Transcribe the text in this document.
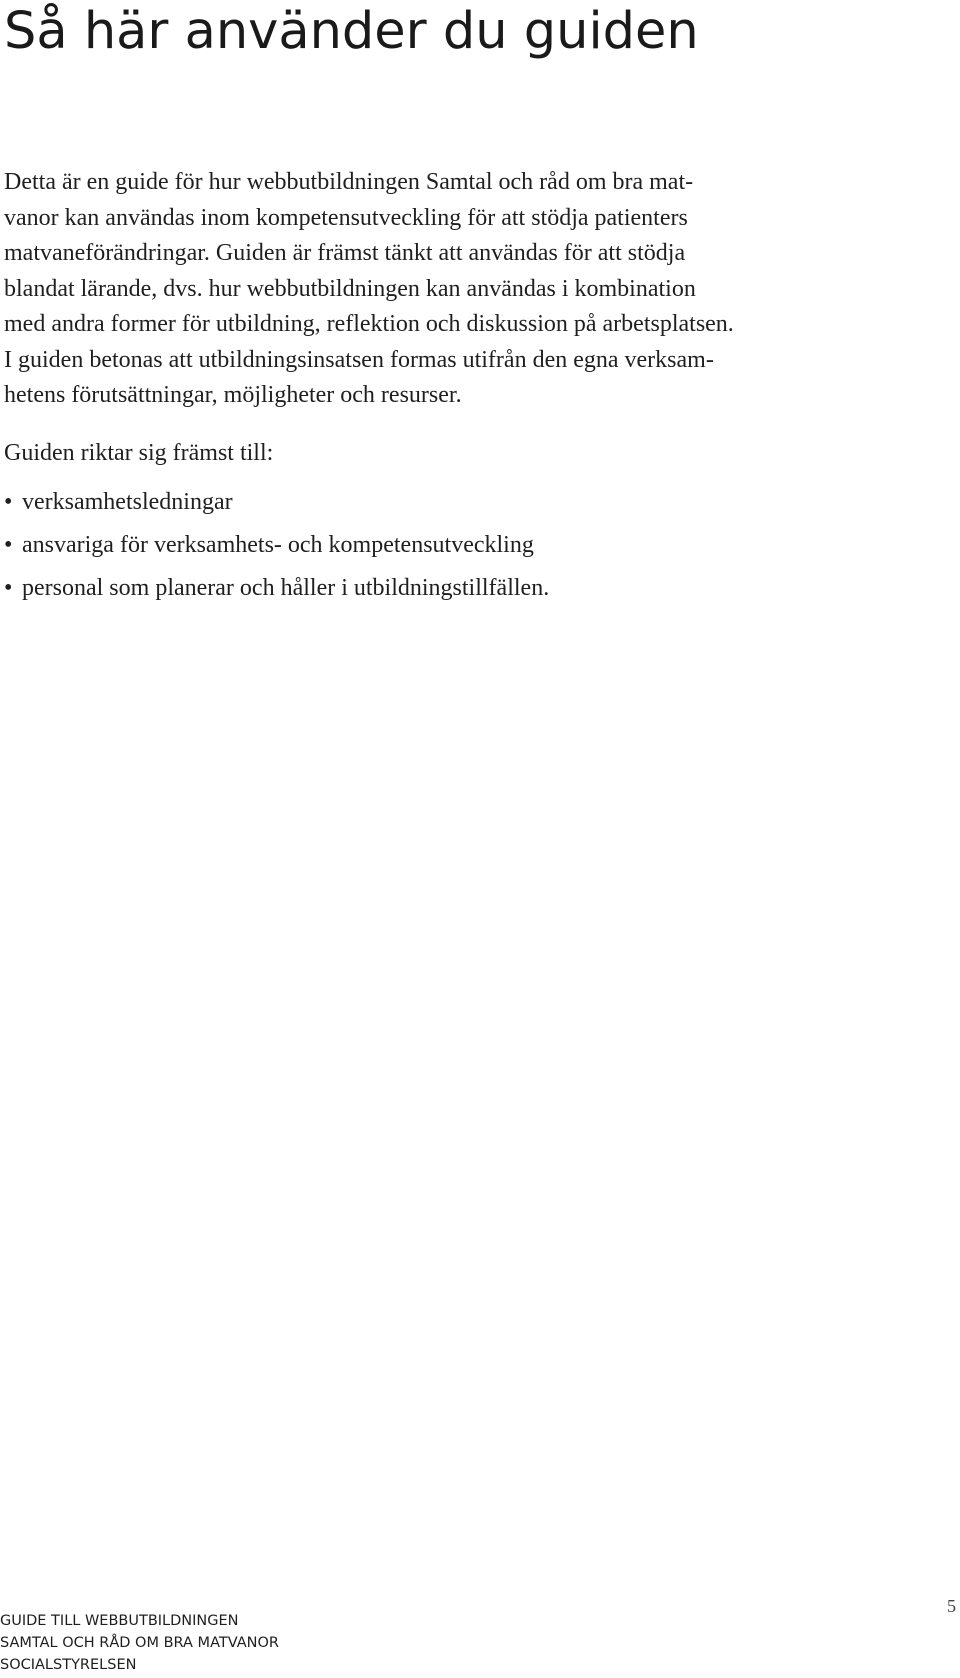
Så här använder du guiden
Detta är en guide för hur webbutbildningen Samtal och råd om bra mat-
vanor kan användas inom kompetensutveckling för att stödja patienters
matvaneförändringar. Guiden är främst tänkt att användas för att stödja
blandat lärande, dvs. hur webbutbildningen kan användas i kombination
med andra former för utbildning, reflektion och diskussion på arbetsplatsen.
I guiden betonas att utbildningsinsatsen formas utifrån den egna verksam-
hetens förutsättningar, möjligheter och resurser.

Guiden riktar sig främst till:

• verksamhetsledningar
• ansvariga för verksamhets- och kompetensutveckling
• personal som planerar och håller i utbildningstillfällen.
GUIDE TILL WEBBUTBILDNINGEN
SAMTAL OCH RÅD OM BRA MATVANOR
SOCIALSTYRELSEN
5
